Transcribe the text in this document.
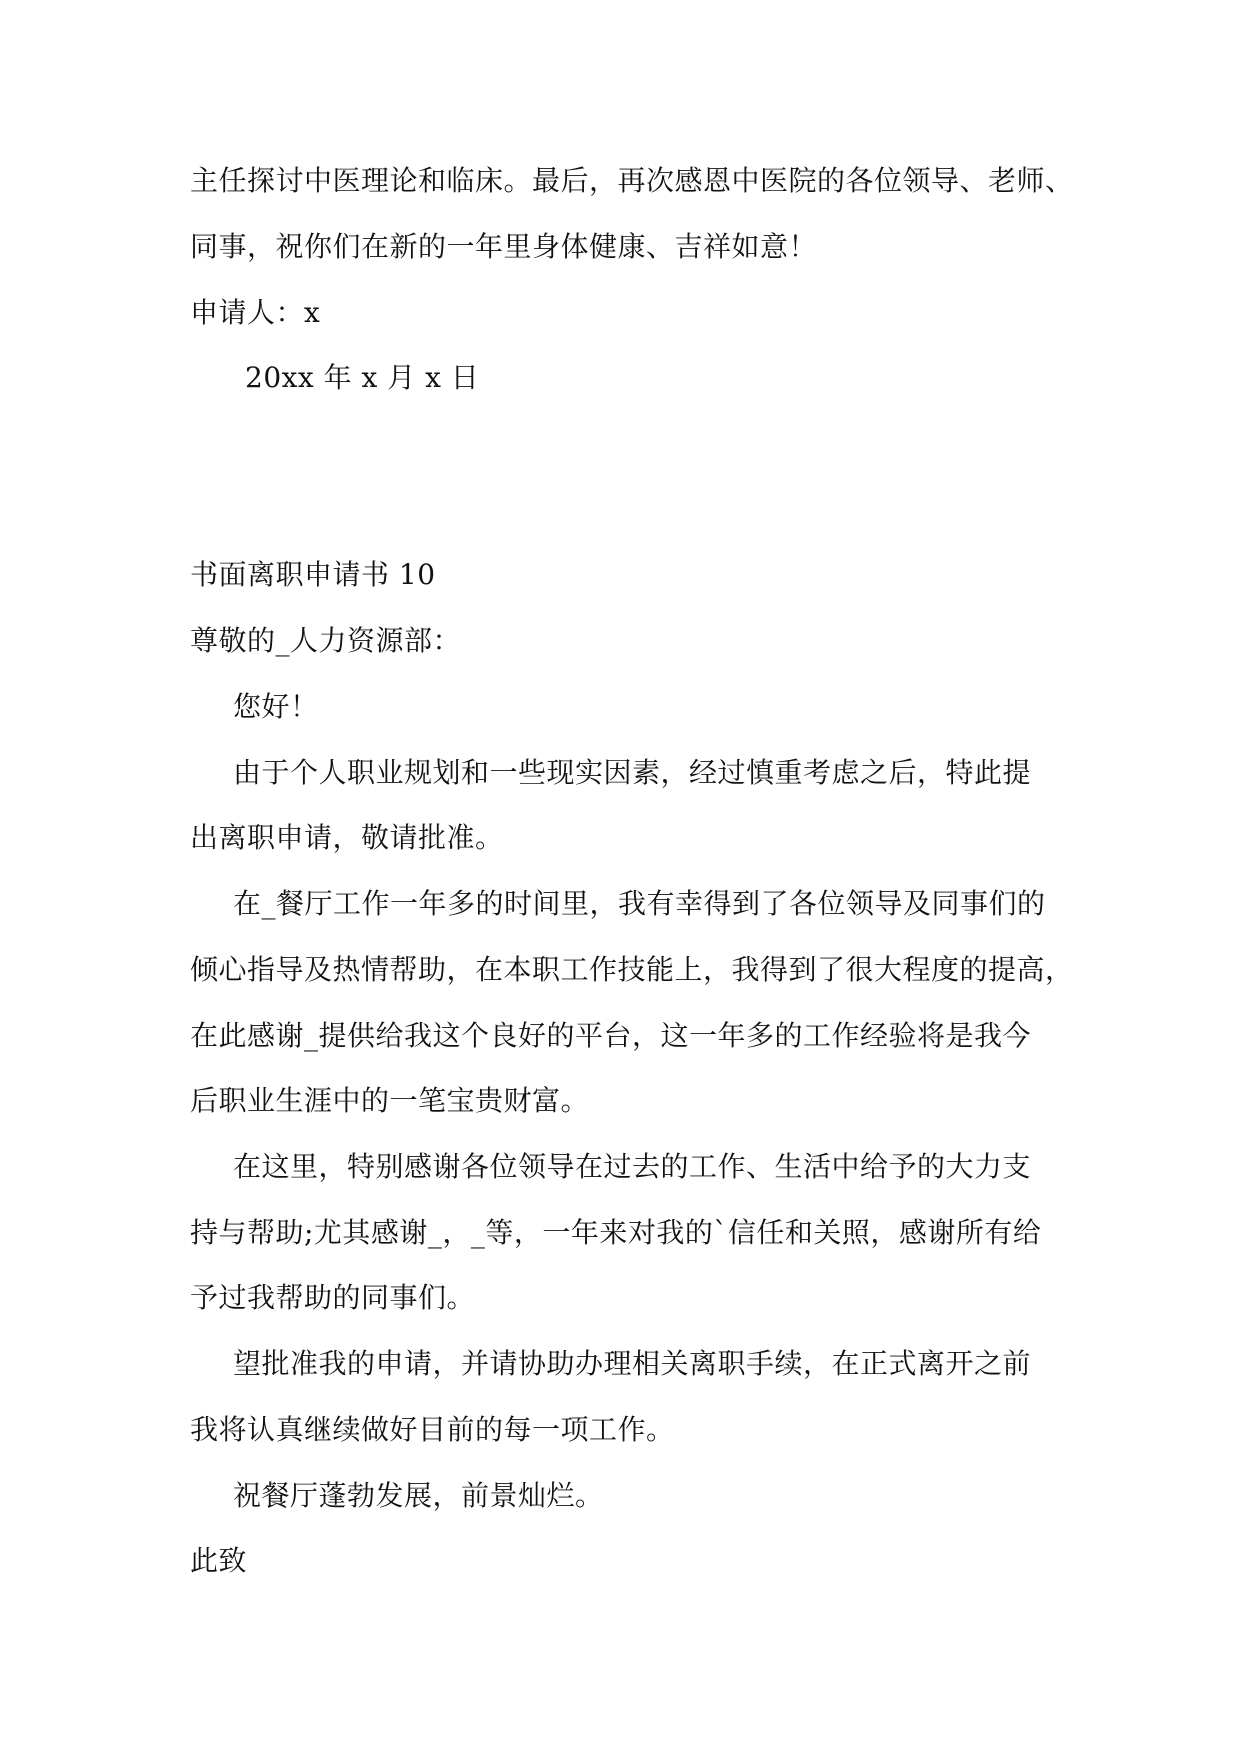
主任探讨中医理论和临床。最后，再次感恩中医院的各位领导、老师、
同事，祝你们在新的一年里身体健康、吉祥如意！
申请人：x
20xx 年 x 月 x 日
书面离职申请书 10
尊敬的_人力资源部：
您好！
由于个人职业规划和一些现实因素，经过慎重考虑之后，特此提
出离职申请，敬请批准。
在_餐厅工作一年多的时间里，我有幸得到了各位领导及同事们的
倾心指导及热情帮助，在本职工作技能上，我得到了很大程度的提高，
在此感谢_提供给我这个良好的平台，这一年多的工作经验将是我今
后职业生涯中的一笔宝贵财富。
在这里，特别感谢各位领导在过去的工作、生活中给予的大力支
持与帮助;尤其感谢_，_等，一年来对我的`信任和关照，感谢所有给
予过我帮助的同事们。
望批准我的申请，并请协助办理相关离职手续，在正式离开之前
我将认真继续做好目前的每一项工作。
祝餐厅蓬勃发展，前景灿烂。
此致
